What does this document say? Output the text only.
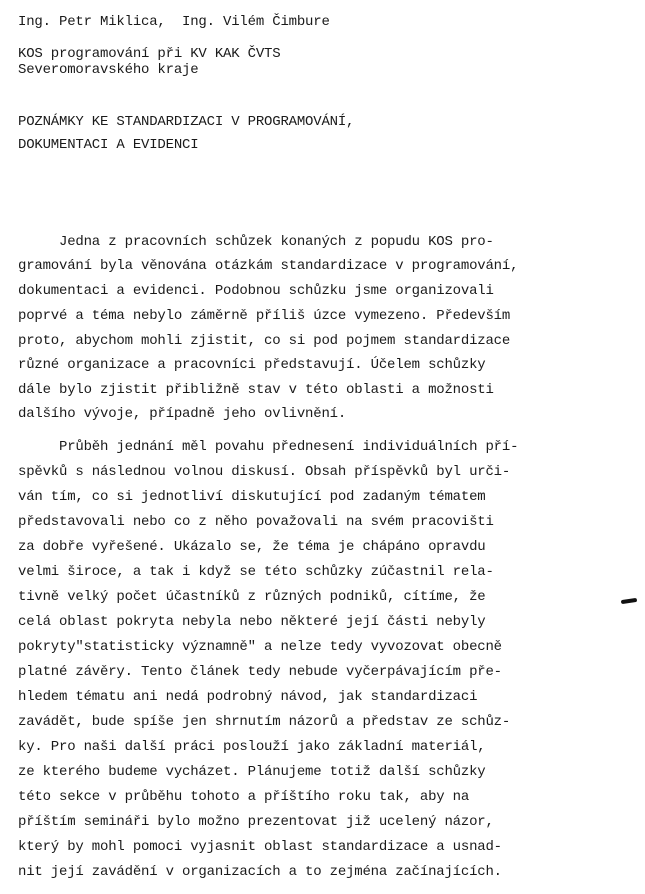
Ing. Petr Miklica,  Ing. Vilém Čimbure
KOS programování při KV KAK ČVTS
Severomoravského kraje
POZNÁMKY KE STANDARDIZACI V PROGRAMOVÁNÍ,
DOKUMENTACI A EVIDENCI
Jedna z pracovních schůzek konaných z popudu KOS pro-
gramování byla věnována otázkám standardizace v programování,
dokumentaci a evidenci. Podobnou schůzku jsme organizovali
poprvé a téma nebylo záměrně příliš úzce vymezeno. Především
proto, abychom mohli zjistit, co si pod pojmem standardizace
různé organizace a pracovníci představují. Účelem schůzky
dále bylo zjistit přibližně stav v této oblasti a možnosti
dalšího vývoje, případně jeho ovlivnění.
Průběh jednání měl povahu přednesení individuálních pří-
spěvků s následnou volnou diskusí. Obsah příspěvků byl urči-
ván tím, co si jednotliví diskutující pod zadaným tématem
představovali nebo co z něho považovali na svém pracovišti
za dobře vyřešené. Ukázalo se, že téma je chápáno opravdu
velmi široce, a tak i když se této schůzky zúčastnil rela-
tivně velký počet účastníků z různých podniků, cítíme, že
celá oblast pokryta nebyla nebo některé její části nebyly
pokryty"statisticky významně" a nelze tedy vyvozovat obecně
platné závěry. Tento článek tedy nebude vyčerpávajícím pře-
hledem tématu ani nedá podrobný návod, jak standardizaci
zavádět, bude spíše jen shrnutím názorů a představ ze schůz-
ky. Pro naši další práci poslouží jako základní materiál,
ze kterého budeme vycházet. Plánujeme totiž další schůzky
této sekce v průběhu tohoto a příštího roku tak, aby na
příštím semináři bylo možno prezentovat již ucelený názor,
který by mohl pomoci vyjasnit oblast standardizace a usnad-
nit její zavádění v organizacích a to zejména začínajících.
